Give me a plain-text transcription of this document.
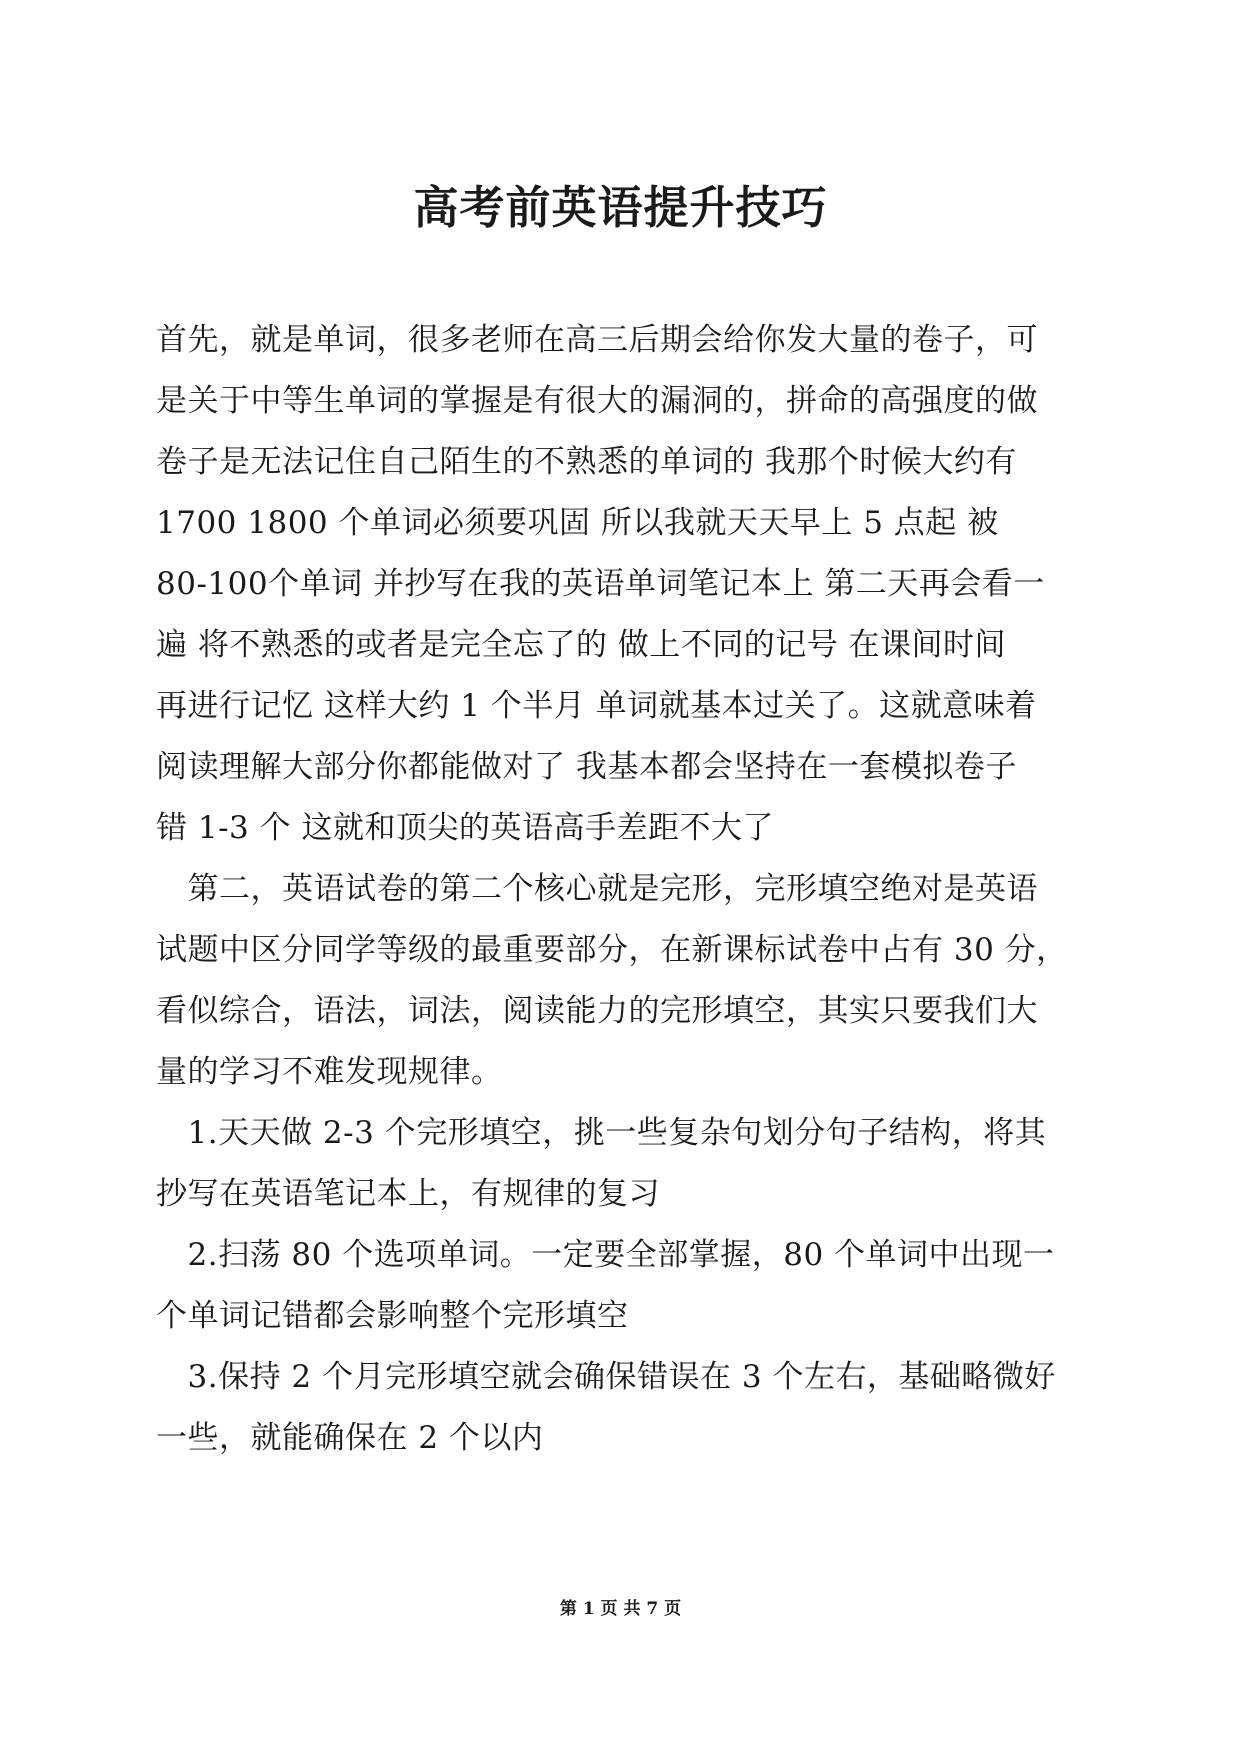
高考前英语提升技巧
首先，就是单词，很多老师在高三后期会给你发大量的卷子，可
是关于中等生单词的掌握是有很大的漏洞的，拼命的高强度的做
卷子是无法记住自己陌生的不熟悉的单词的 我那个时候大约有
1700 1800 个单词必须要巩固 所以我就天天早上 5 点起 被
80-100个单词 并抄写在我的英语单词笔记本上 第二天再会看一
遍 将不熟悉的或者是完全忘了的 做上不同的记号 在课间时间
再进行记忆 这样大约 1 个半月 单词就基本过关了。这就意味着
阅读理解大部分你都能做对了 我基本都会坚持在一套模拟卷子
错 1-3 个 这就和顶尖的英语高手差距不大了
　第二，英语试卷的第二个核心就是完形，完形填空绝对是英语
试题中区分同学等级的最重要部分，在新课标试卷中占有 30 分，
看似综合，语法，词法，阅读能力的完形填空，其实只要我们大
量的学习不难发现规律。
　1.天天做 2-3 个完形填空，挑一些复杂句划分句子结构，将其
抄写在英语笔记本上，有规律的复习
　2.扫荡 80 个选项单词。一定要全部掌握，80 个单词中出现一
个单词记错都会影响整个完形填空
　3.保持 2 个月完形填空就会确保错误在 3 个左右，基础略微好
一些，就能确保在 2 个以内
第 1 页 共 7 页
